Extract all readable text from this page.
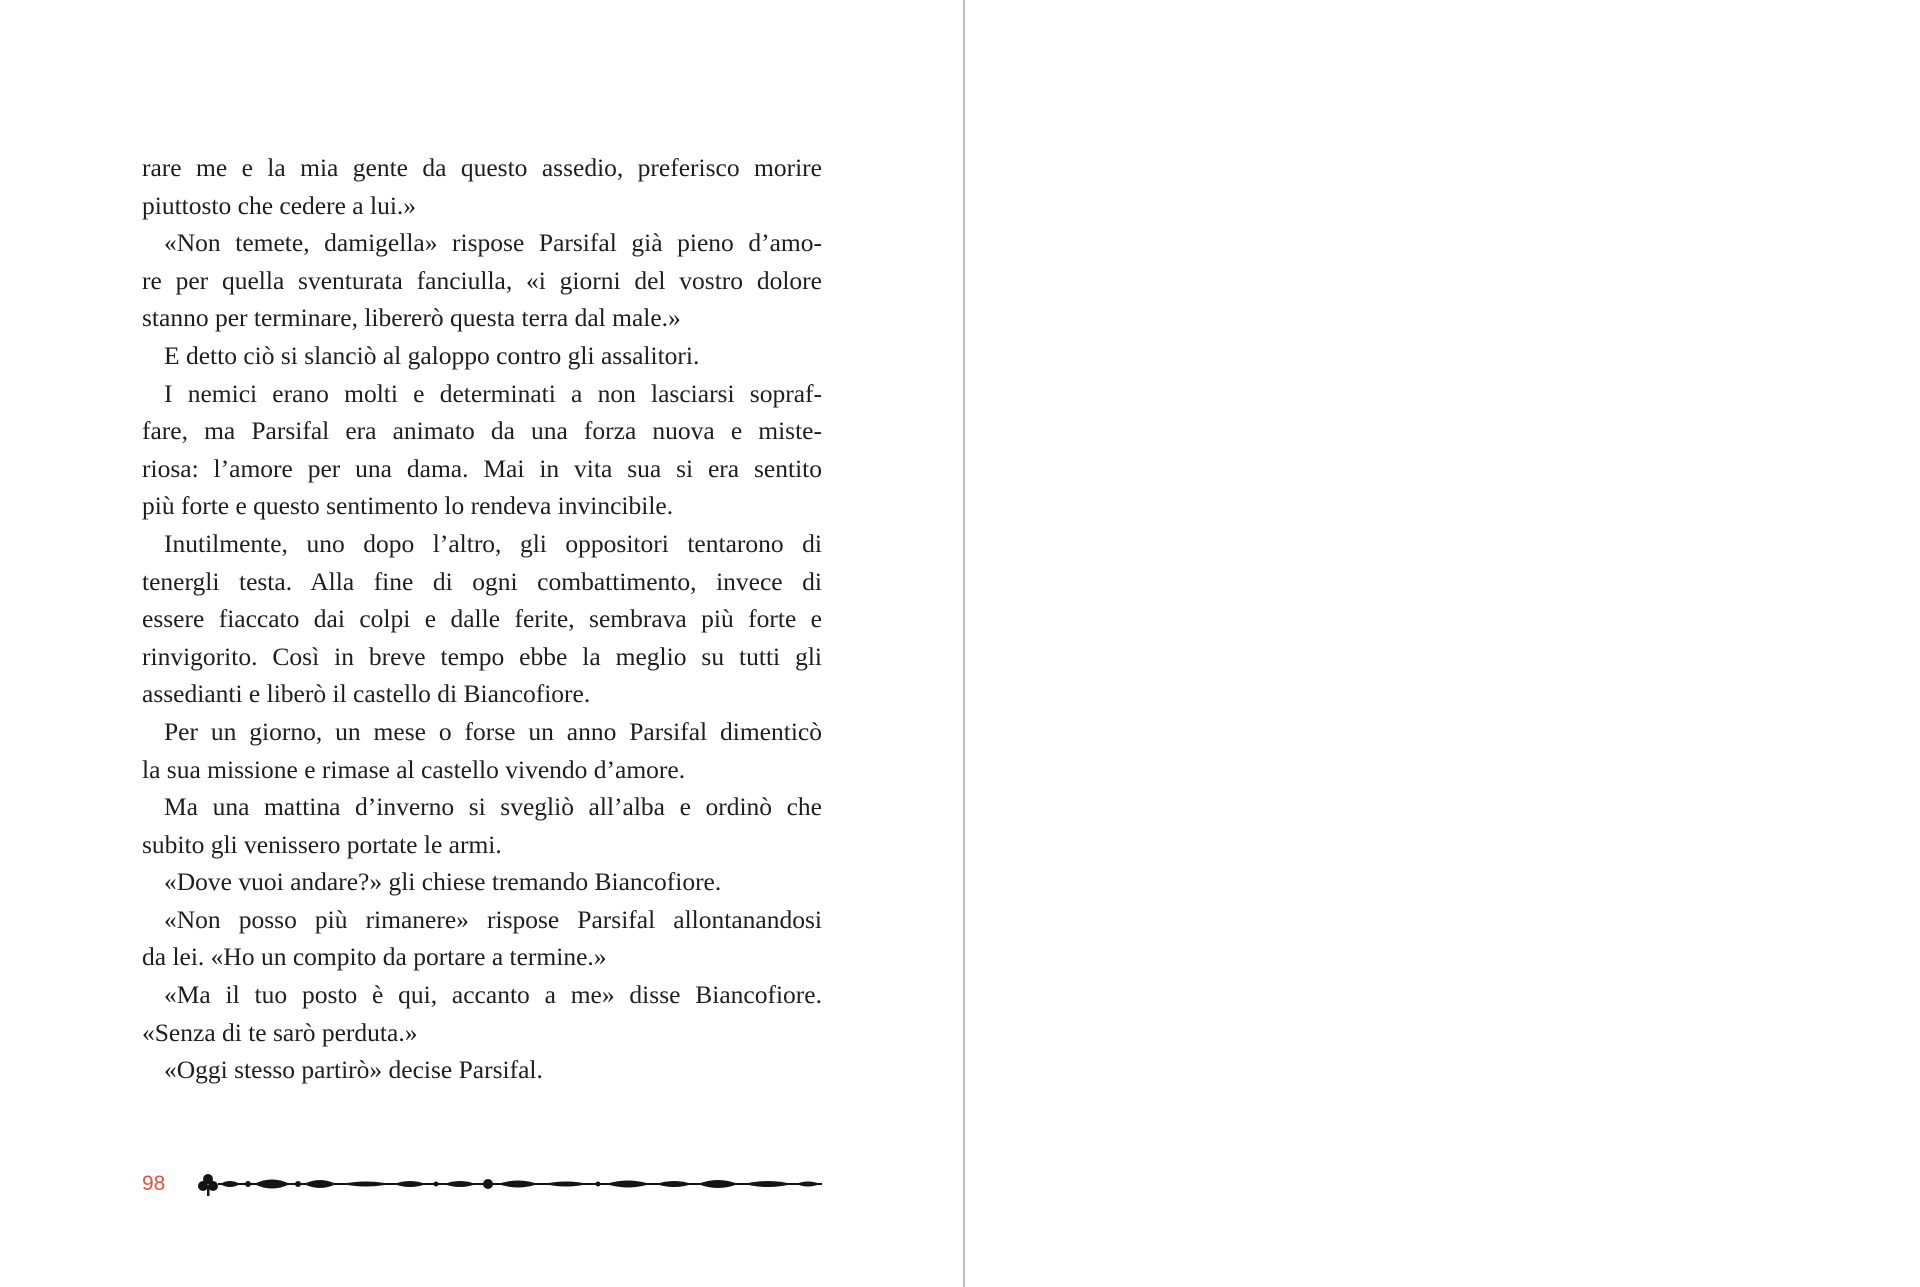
rare me e la mia gente da questo assedio, preferisco morire
piuttosto che cedere a lui.»
«Non temete, damigella» rispose Parsifal già pieno d’amo-
re per quella sventurata fanciulla, «i giorni del vostro dolore
stanno per terminare, libererò questa terra dal male.»
E detto ciò si slanciò al galoppo contro gli assalitori.
I nemici erano molti e determinati a non lasciarsi sopraf-
fare, ma Parsifal era animato da una forza nuova e miste-
riosa: l’amore per una dama. Mai in vita sua si era sentito
più forte e questo sentimento lo rendeva invincibile.
Inutilmente, uno dopo l’altro, gli oppositori tentarono di
tenergli testa. Alla fine di ogni combattimento, invece di
essere fiaccato dai colpi e dalle ferite, sembrava più forte e
rinvigorito. Così in breve tempo ebbe la meglio su tutti gli
assedianti e liberò il castello di Biancofiore.
Per un giorno, un mese o forse un anno Parsifal dimenticò
la sua missione e rimase al castello vivendo d’amore.
Ma una mattina d’inverno si svegliò all’alba e ordinò che
subito gli venissero portate le armi.
«Dove vuoi andare?» gli chiese tremando Biancofiore.
«Non posso più rimanere» rispose Parsifal allontanandosi
da lei. «Ho un compito da portare a termine.»
«Ma il tuo posto è qui, accanto a me» disse Biancofiore.
«Senza di te sarò perduta.»
«Oggi stesso partirò» decise Parsifal.
98
